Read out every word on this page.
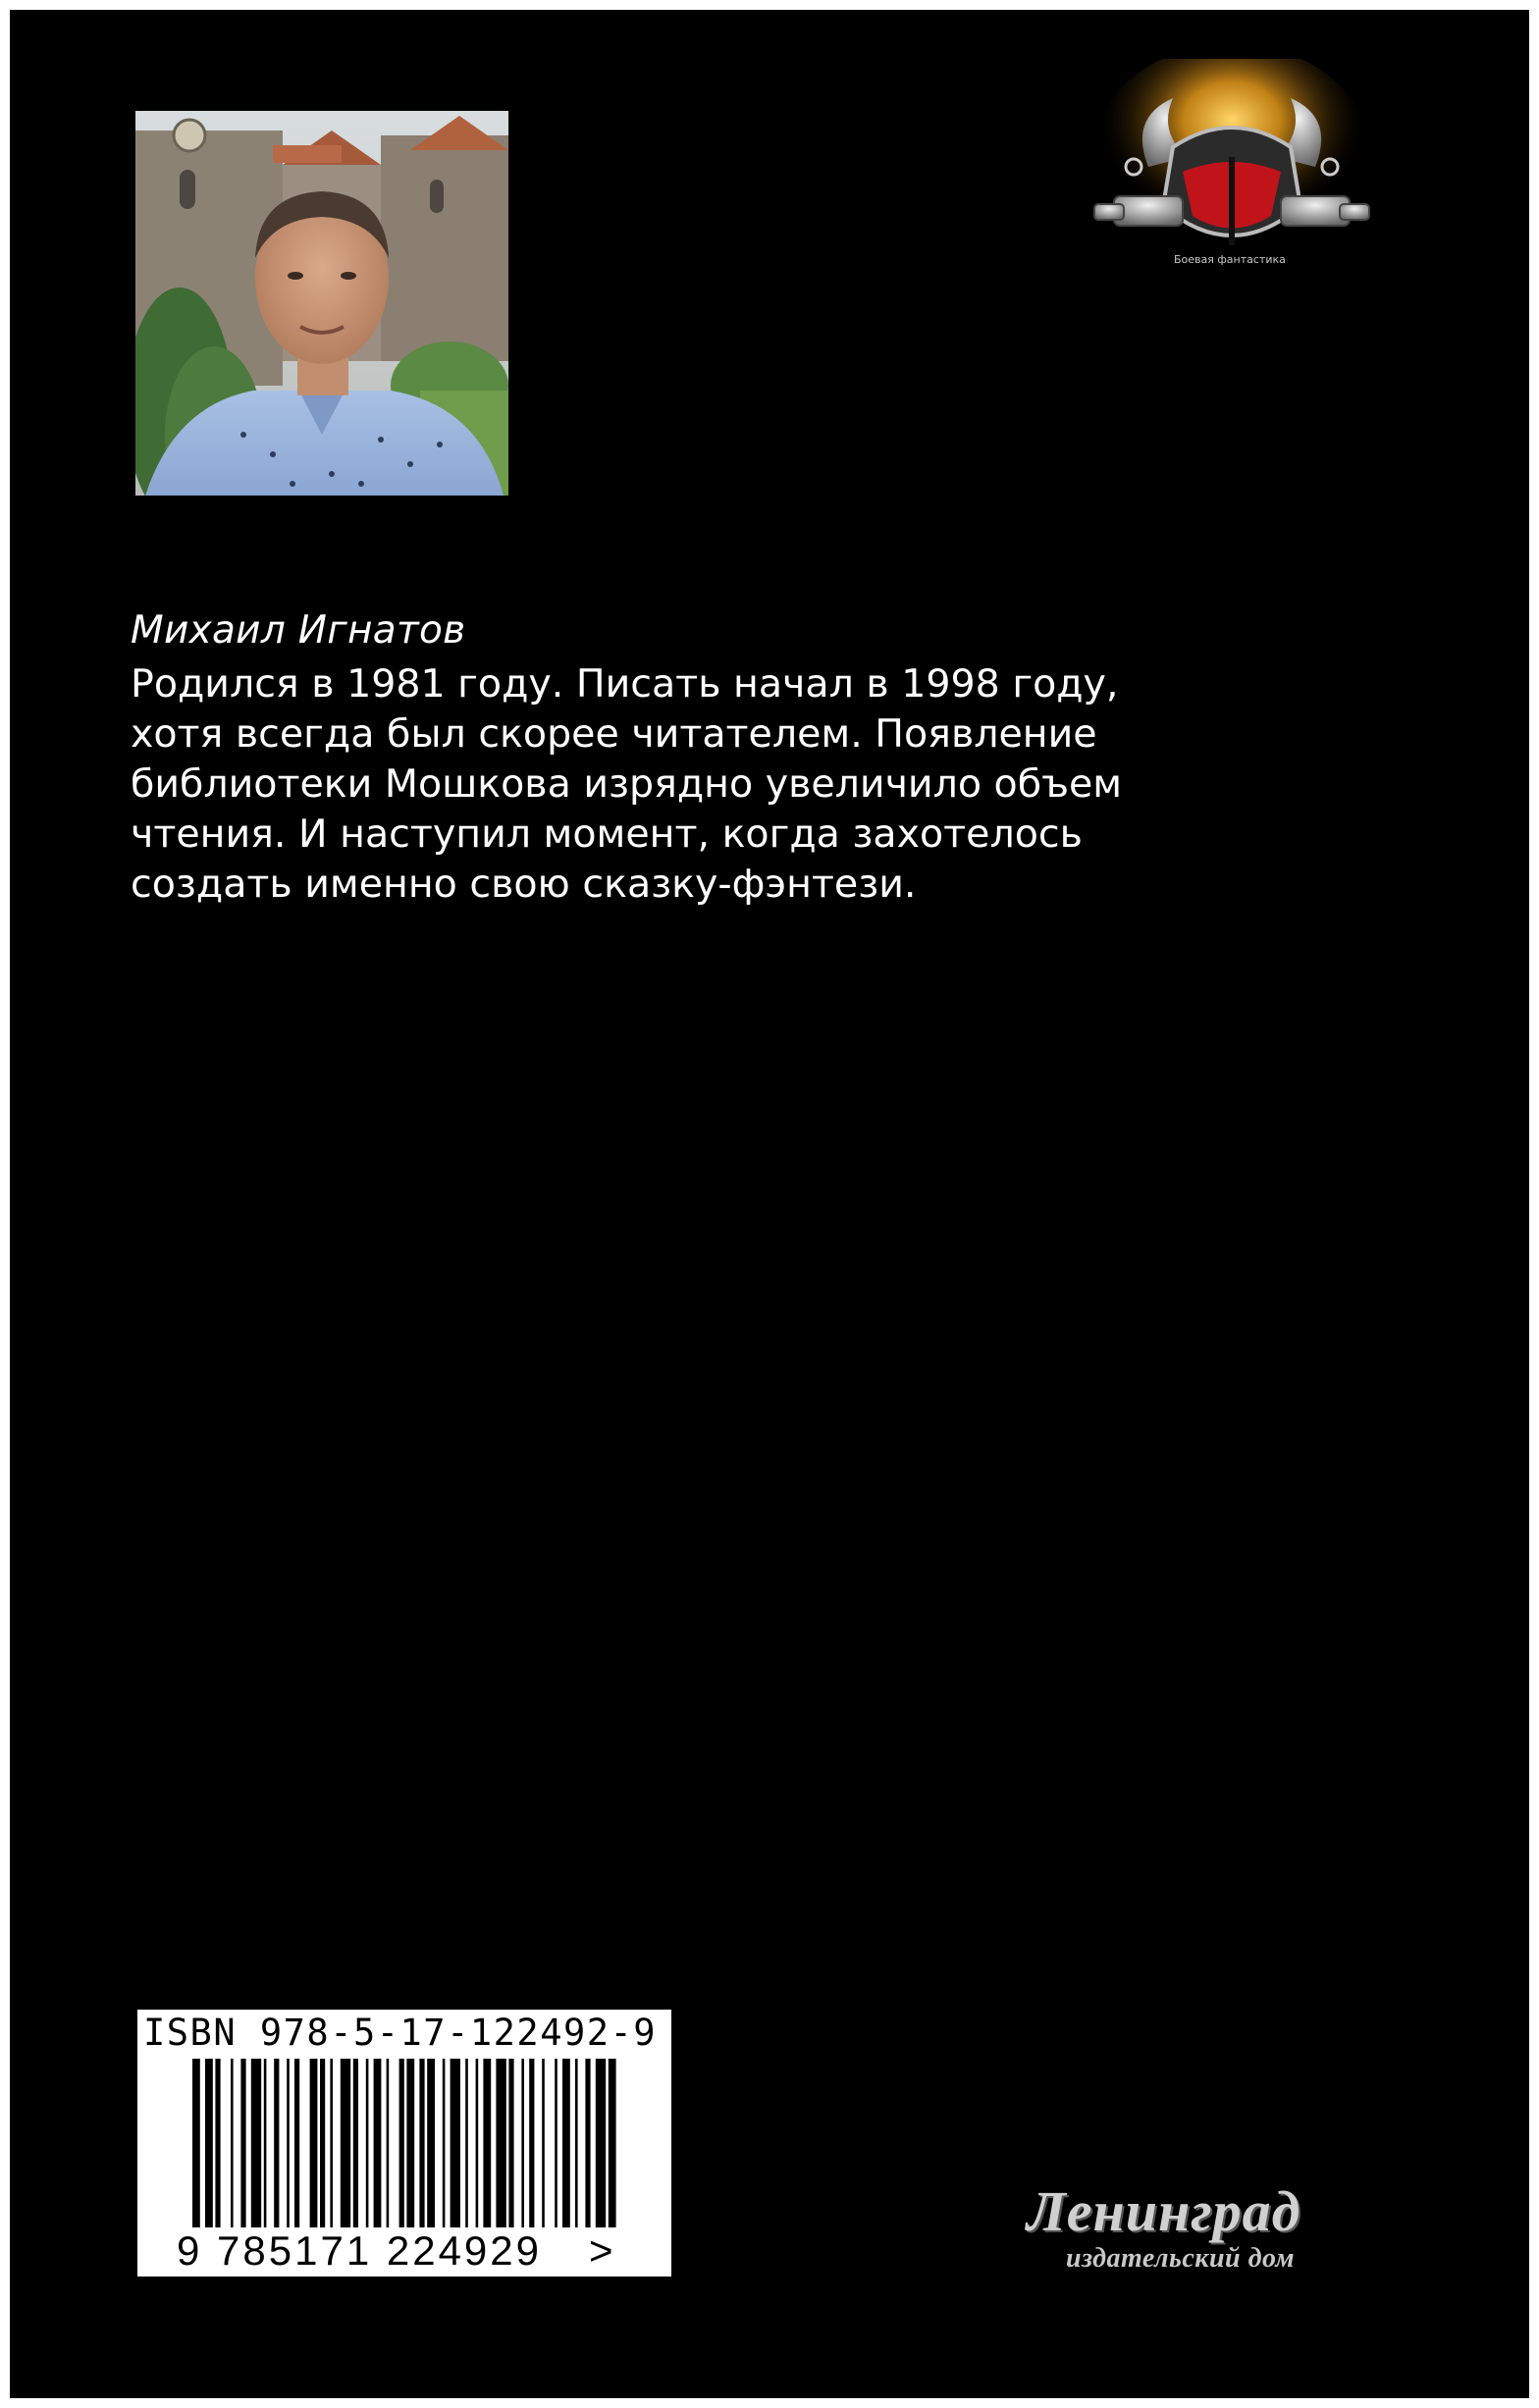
Боевая фантастика
Михаил Игнатов
Родился в 1981 году. Писать начал в 1998 году,
хотя всегда был скорее читателем. Появление
библиотеки Мошкова изрядно увеличило объем
чтения. И наступил момент, когда захотелось
создать именно свою сказку-фэнтези.
ISBN 978-5-17-122492-9
9 785171 224929 >
Ленинград
издательский дом
